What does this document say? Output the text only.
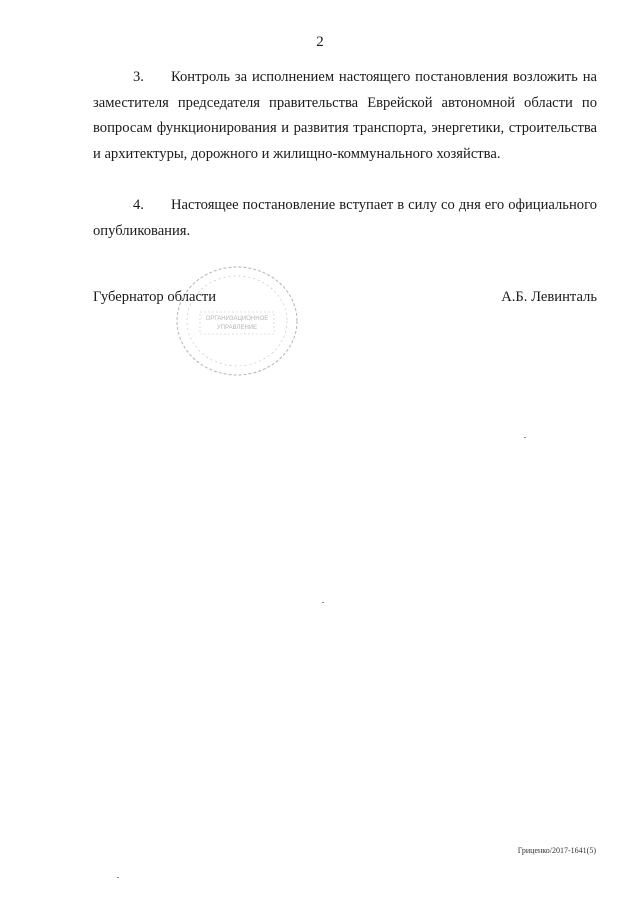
2

3. Контроль за исполнением настоящего постановления возложить на заместителя председателя правительства Еврейской автономной области по вопросам функционирования и развития транспорта, энергетики, строительства и архитектуры, дорожного и жилищно-коммунального хозяйства.

4. Настоящее постановление вступает в силу со дня его официального опубликования.

ОРГАНИЗАЦИОННОЕ
УПРАВЛЕНИЕ
Губернатор области	А.Б. Левинталь
Гриценко/2017-1641(5)
